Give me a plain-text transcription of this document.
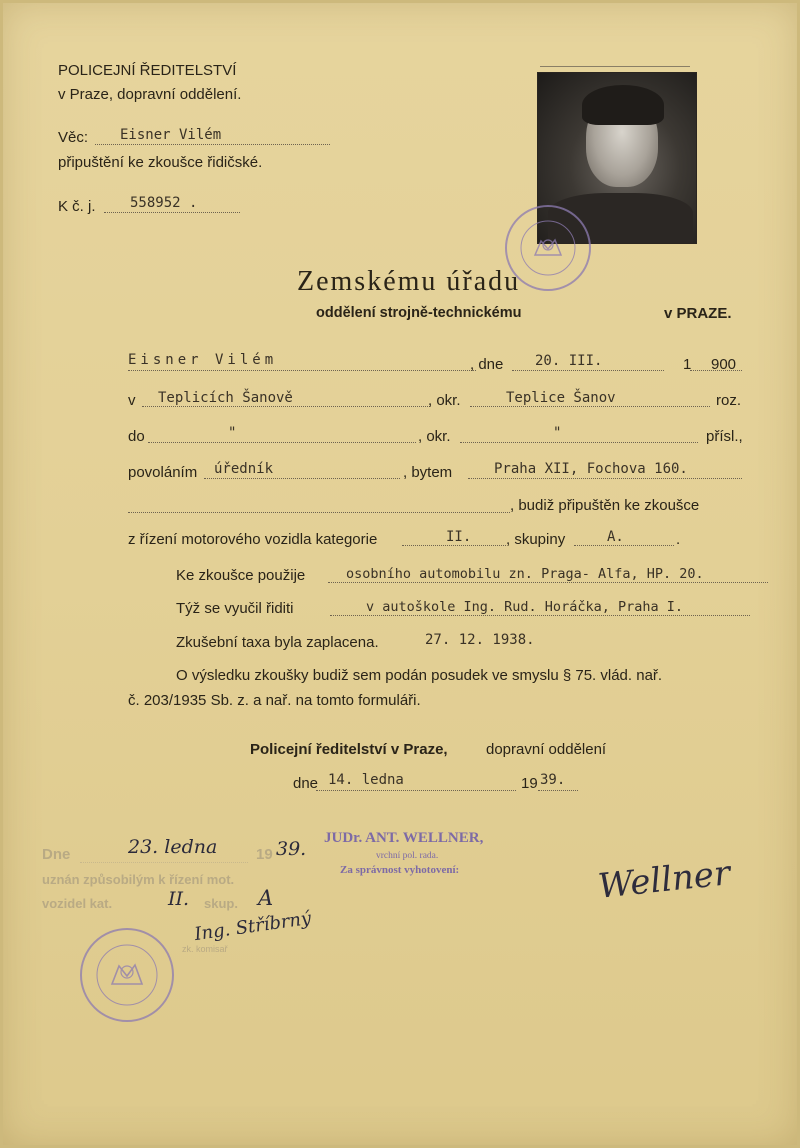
POLICEJNÍ ŘEDITELSTVÍ
v Praze, dopravní oddělení.
Věc: Eisner Vilém
připuštění ke zkoušce řidičské.
K č. j. 558952 .
Zemskému úřadu
oddělení strojně-technickému	v PRAZE.
Eisner Vilém	, dne 20. III.	1 900
v Teplicích Šanově	, okr.	Teplice Šanov	roz.
do	"	, okr.	"	přísl.,
povoláním úředník	, bytem	Praha XII, Fochova 160.
, budiž připuštěn ke zkoušce
z řízení motorového vozidla kategorie	II. , skupiny	A.	.
Ke zkoušce použije	osobního automobilu zn. Praga- Alfa, HP. 20.
Týž se vyučil řiditi	v autoškole Ing. Rud. Horáčka, Praha I.
Zkušební taxa byla zaplacena.	27. 12. 1938.
O výsledku zkoušky budiž sem podán posudek ve smyslu § 75. vlád. nař.
č. 203/1935 Sb. z. a nař. na tomto formuláři.
Policejní ředitelství v Praze,	dopravní oddělení
dne 14. ledna	19 39.
Dne	23. ledna	19 39.
uznán způsobilým k řízení mot.
vozidel kat.	II. skup. A
Ing. Stříbrný
zk. komisař
JUDr. ANT. WELLNER,
vrchní pol. rada.
Za správnost vyhotovení:	Wellner
